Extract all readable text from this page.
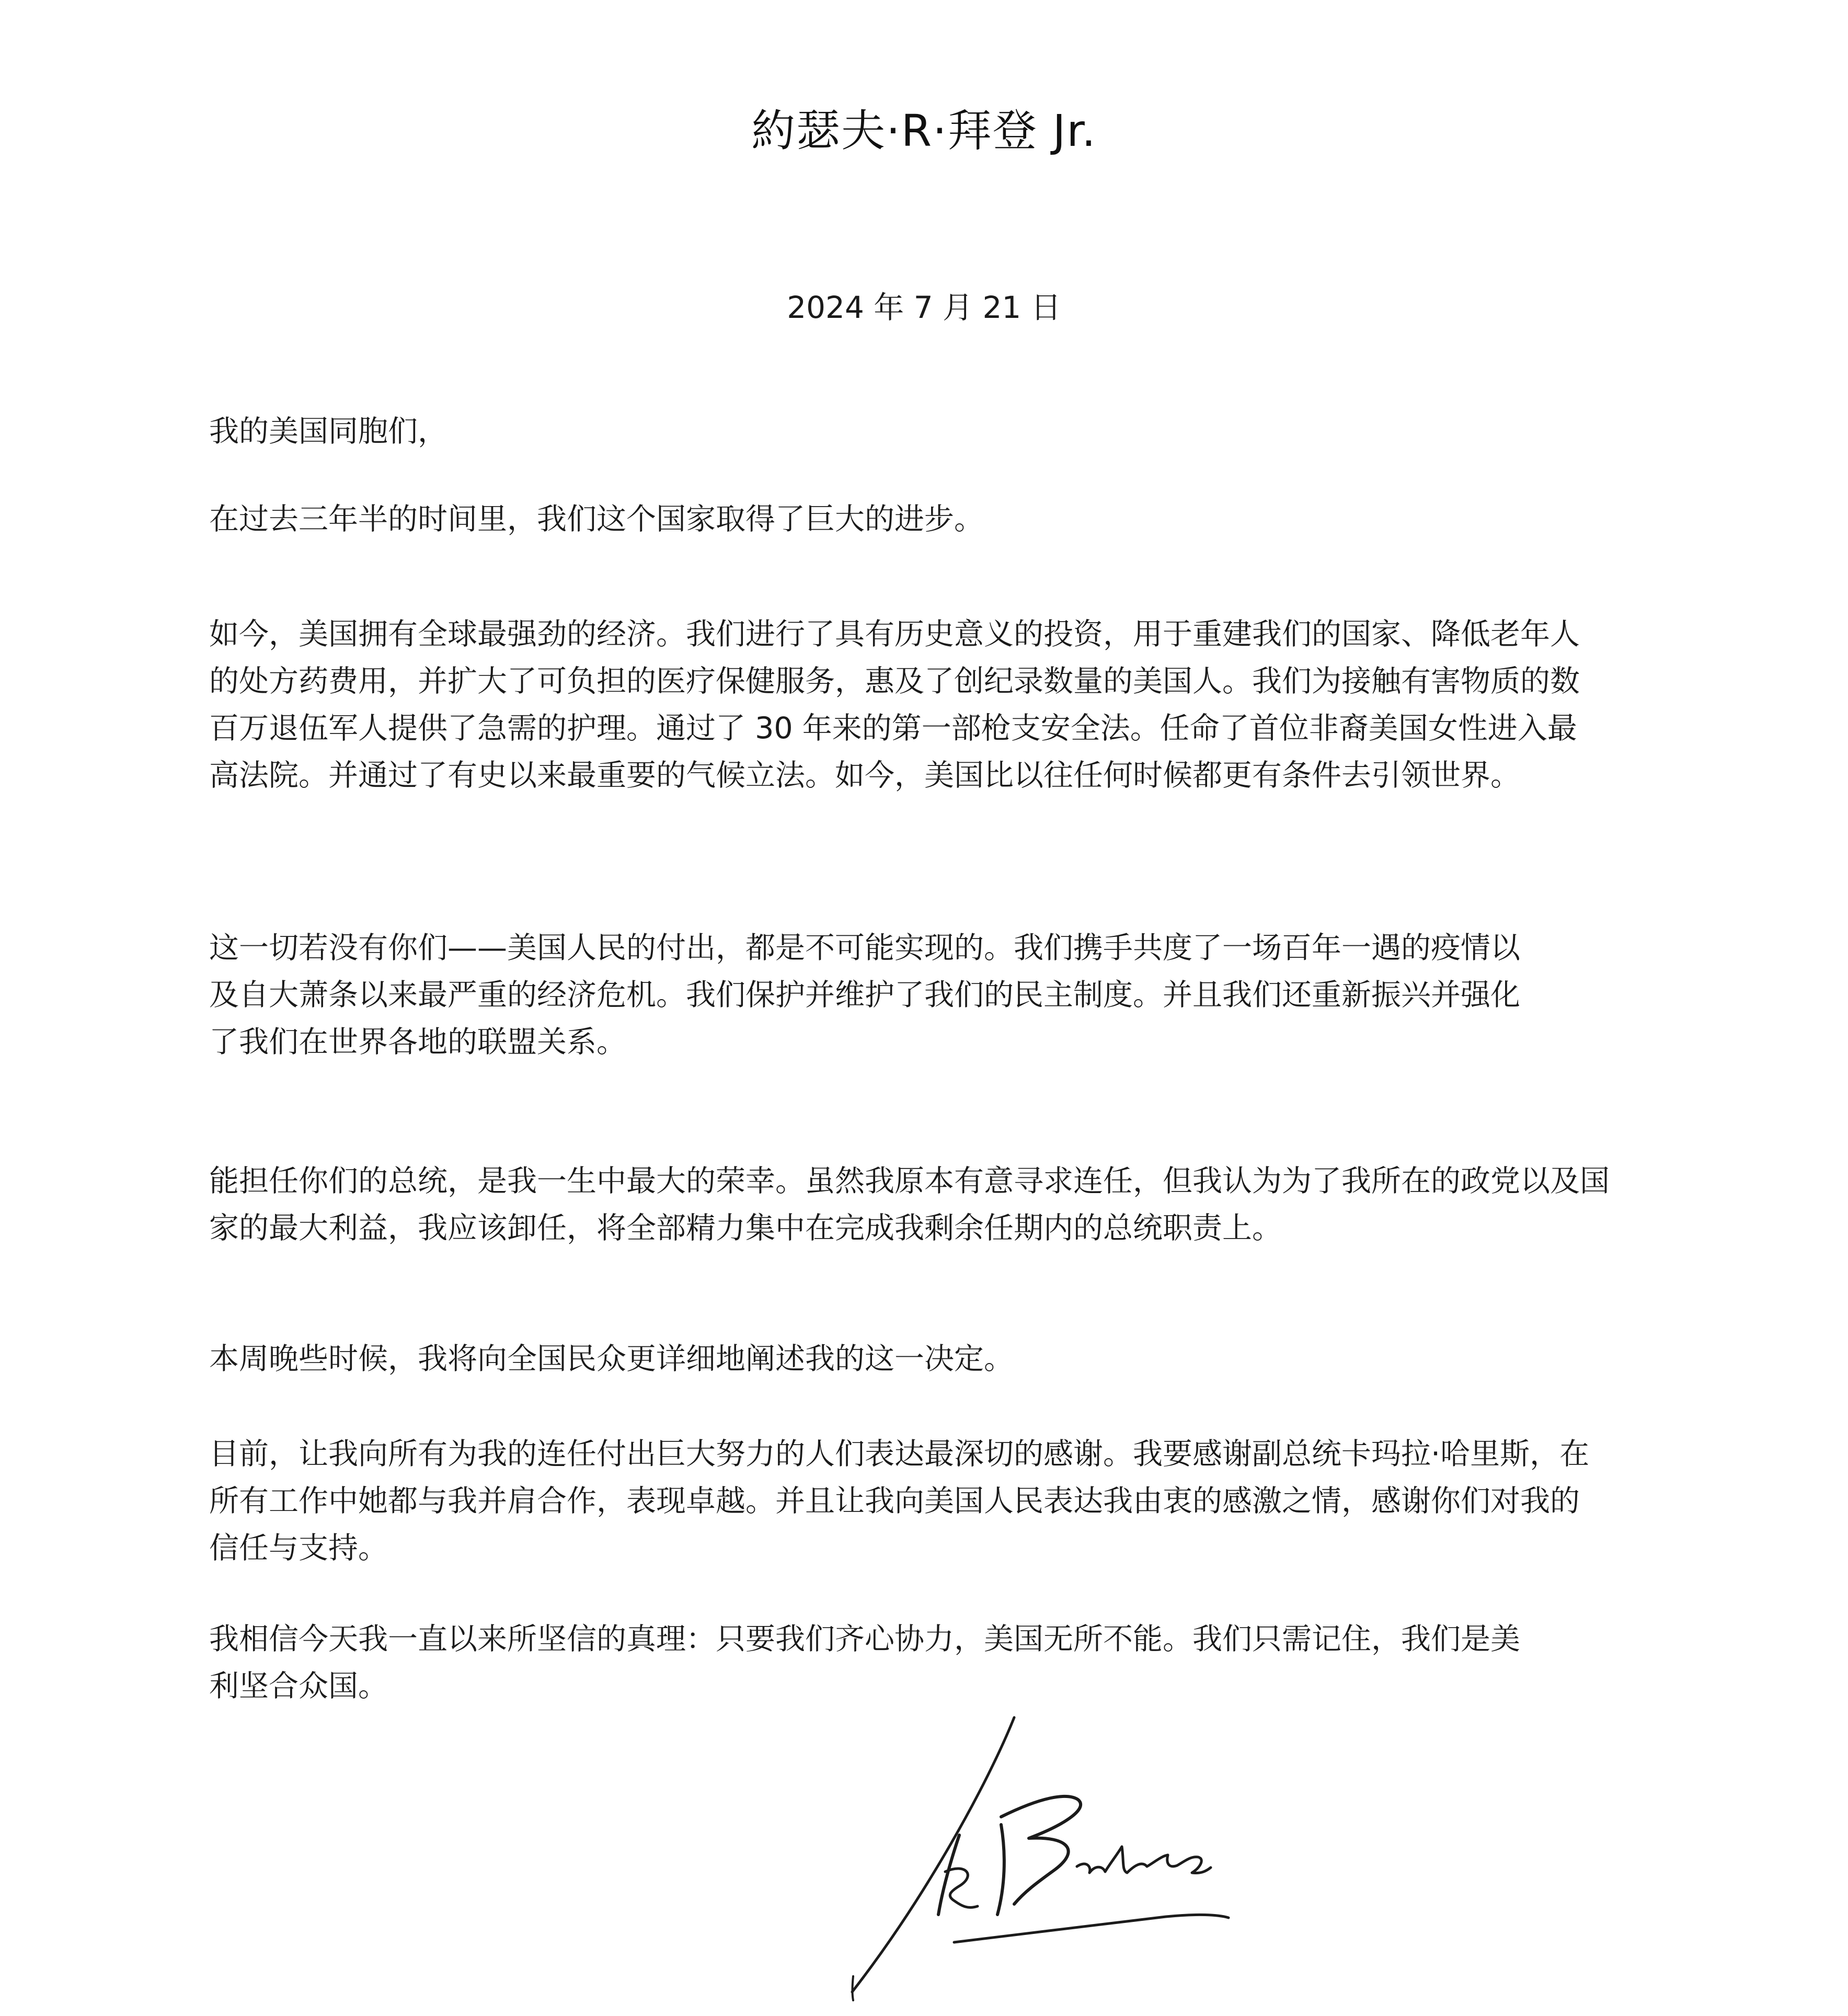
約瑟夫·R·拜登 Jr.
2024 年 7 月 21 日

我的美国同胞们，

在过去三年半的时间里，我们这个国家取得了巨大的进步。

如今，美国拥有全球最强劲的经济。我们进行了具有历史意义的投资，用于重建我们的国家、降低老年人的处方药费用，并扩大了可负担的医疗保健服务，惠及了创纪录数量的美国人。我们为接触有害物质的数百万退伍军人提供了急需的护理。通过了 30 年来的第一部枪支安全法。任命了首位非裔美国女性进入最高法院。并通过了有史以来最重要的气候立法。如今，美国比以往任何时候都更有条件去引领世界。

这一切若没有你们——美国人民的付出，都是不可能实现的。我们携手共度了一场百年一遇的疫情以及自大萧条以来最严重的经济危机。我们保护并维护了我们的民主制度。并且我们还重新振兴并强化了我们在世界各地的联盟关系。

能担任你们的总统，是我一生中最大的荣幸。虽然我原本有意寻求连任，但我认为为了我所在的政党以及国家的最大利益，我应该卸任，将全部精力集中在完成我剩余任期内的总统职责上。

本周晚些时候，我将向全国民众更详细地阐述我的这一决定。

目前，让我向所有为我的连任付出巨大努力的人们表达最深切的感谢。我要感谢副总统卡玛拉·哈里斯，在所有工作中她都与我并肩合作，表现卓越。并且让我向美国人民表达我由衷的感激之情，感谢你们对我的信任与支持。

我相信今天我一直以来所坚信的真理：只要我们齐心协力，美国无所不能。我们只需记住，我们是美利坚合众国。
